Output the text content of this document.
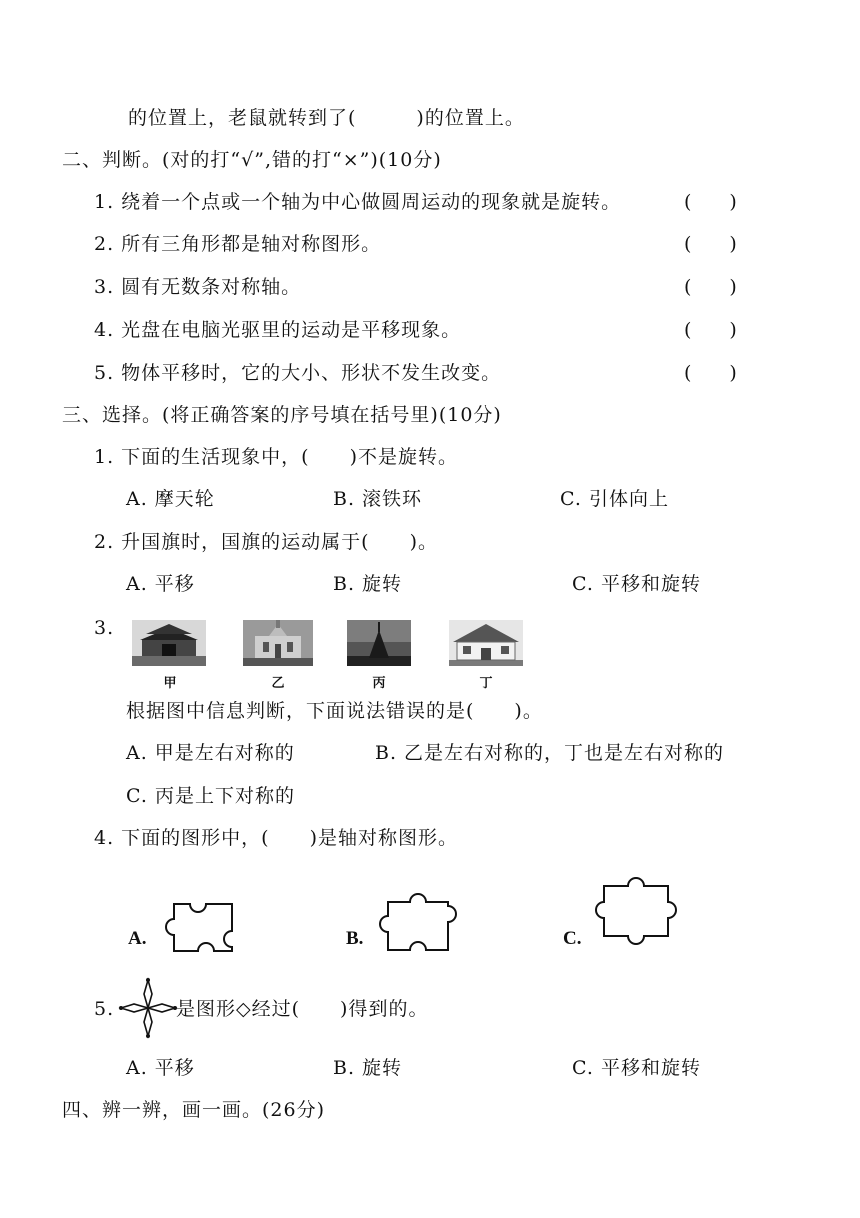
的位置上，老鼠就转到了(　　　)的位置上。
二、判断。(对的打“√”,错的打“×”)(10分)
1. 绕着一个点或一个轴为中心做圆周运动的现象就是旋转。	(　　)
2. 所有三角形都是轴对称图形。	(　　)
3. 圆有无数条对称轴。	(　　)
4. 光盘在电脑光驱里的运动是平移现象。	(　　)
5. 物体平移时，它的大小、形状不发生改变。	(　　)
三、选择。(将正确答案的序号填在括号里)(10分)
1. 下面的生活现象中，(　　)不是旋转。
A. 摩天轮	B. 滚铁环	C. 引体向上
2. 升国旗时，国旗的运动属于(　　)。
A. 平移	B. 旋转	C. 平移和旋转
3.
甲	乙	丙	丁
根据图中信息判断，下面说法错误的是(　　)。
A. 甲是左右对称的	B. 乙是左右对称的，丁也是左右对称的
C. 丙是上下对称的
4. 下面的图形中，(　　)是轴对称图形。
A.	B.	C.
5.	是图形◇经过(　　)得到的。
A. 平移	B. 旋转	C. 平移和旋转
四、辨一辨，画一画。(26分)
